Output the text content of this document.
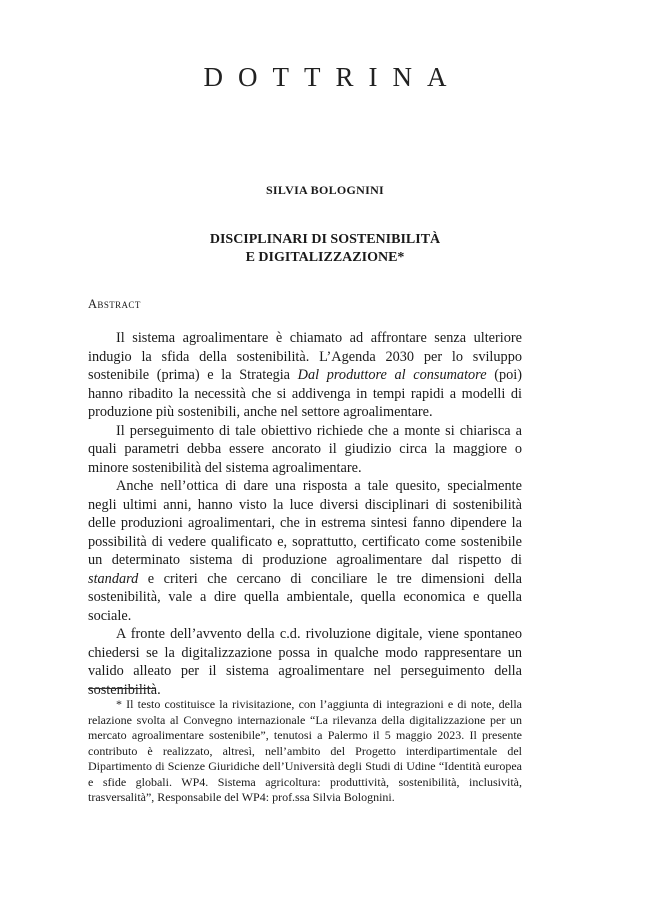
DOTTRINA
SILVIA BOLOGNINI
DISCIPLINARI DI SOSTENIBILITÀ
E DIGITALIZZAZIONE*
Abstract

Il sistema agroalimentare è chiamato ad affrontare senza ulteriore indugio la sfida della sostenibilità. L’Agenda 2030 per lo sviluppo sostenibile (prima) e la Strategia Dal produttore al consumatore (poi) hanno ribadito la necessità che si addivenga in tempi rapidi a modelli di produzione più sostenibili, anche nel settore agroalimentare.

Il perseguimento di tale obiettivo richiede che a monte si chiarisca a quali parametri debba essere ancorato il giudizio circa la maggiore o minore sostenibilità del sistema agroalimentare.

Anche nell’ottica di dare una risposta a tale quesito, specialmente negli ultimi anni, hanno visto la luce diversi disciplinari di sostenibilità delle produzioni agroalimentari, che in estrema sintesi fanno dipendere la possibilità di vedere qualificato e, soprattutto, certificato come sostenibile un determinato sistema di produzione agroalimentare dal rispetto di standard e criteri che cercano di conciliare le tre dimensioni della sostenibilità, vale a dire quella ambientale, quella economica e quella sociale.

A fronte dell’avvento della c.d. rivoluzione digitale, viene spontaneo chiedersi se la digitalizzazione possa in qualche modo rappresentare un valido alleato per il sistema agroalimentare nel perseguimento della sostenibilità.

* Il testo costituisce la rivisitazione, con l’aggiunta di integrazioni e di note, della relazione svolta al Convegno internazionale “La rilevanza della digitalizzazione per un mercato agroalimentare sostenibile”, tenutosi a Palermo il 5 maggio 2023. Il presente contributo è realizzato, altresì, nell’ambito del Progetto interdipartimentale del Dipartimento di Scienze Giuridiche dell’Università degli Studi di Udine “Identità europea e sfide globali. WP4. Sistema agricoltura: produttività, sostenibilità, inclusività, trasversalità”, Responsabile del WP4: prof.ssa Silvia Bolognini.
